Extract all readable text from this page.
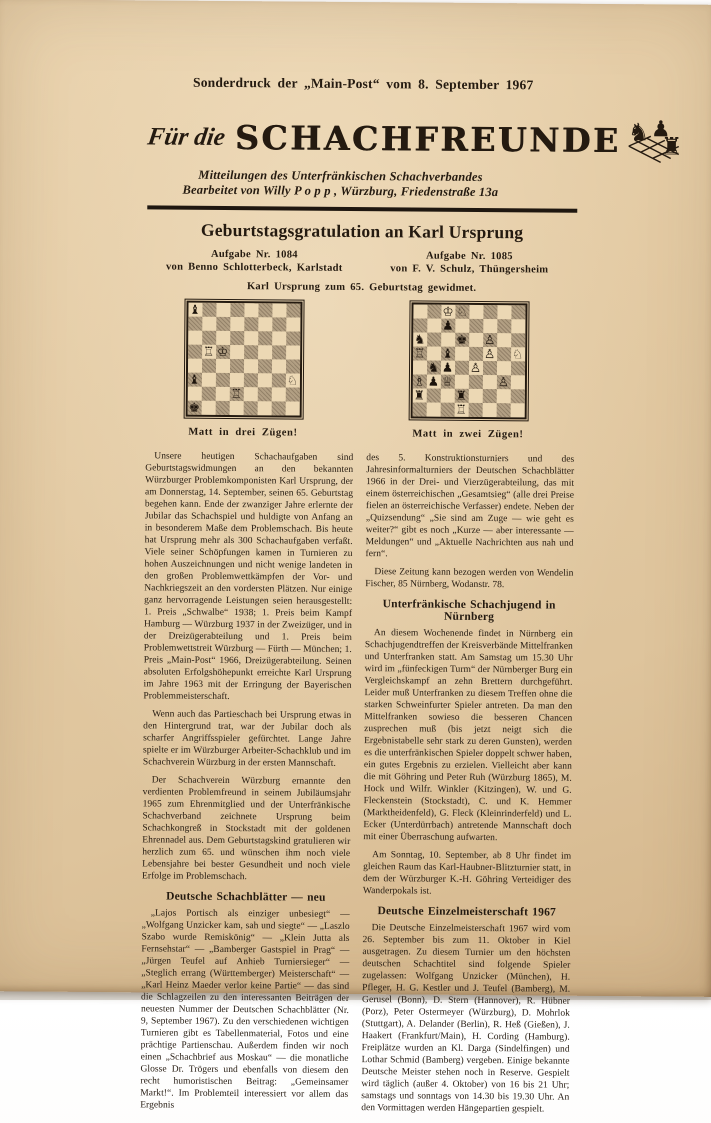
Sonderdruck der „Main-Post“ vom 8. September 1967
Für die SCHACHFREUNDE ♞ ♟
♜
Mitteilungen des Unterfränkischen Schachverbandes
Bearbeitet von Willy P o p p , Würzburg, Friedenstraße 13a
Geburtstagsgratulation an Karl Ursprung
Aufgabe Nr. 1084
von Benno Schlotterbeck, Karlstadt
Aufgabe Nr. 1085
von F. V. Schulz, Thüngersheim
Karl Ursprung zum 65. Geburtstag gewidmet.
♝
♖ ♔
♝	♘
♖
♚
Matt in drei Zügen!
♔ ♘
♟
♞ ♚ ♙
♖ ♝ ♙ ♘
♞ ♟ ♙
♗ ♟ ♕	♙
♜ ♜
♖
Matt in zwei Zügen!

Unsere heutigen Schachaufgaben sind Geburtstagswidmungen an den bekannten Würzburger Problemkomponisten Karl Ursprung, der am Donnerstag, 14. September, seinen 65. Geburtstag begehen kann. Ende der zwanziger Jahre erlernte der Jubilar das Schachspiel und huldigte von Anfang an in besonderem Maße dem Problemschach. Bis heute hat Ursprung mehr als 300 Schachaufgaben verfaßt. Viele seiner Schöpfungen kamen in Turnieren zu hohen Auszeichnungen und nicht wenige landeten in den großen Problemwettkämpfen der Vor- und Nachkriegszeit an den vordersten Plätzen. Nur einige ganz hervorragende Leistungen seien herausgestellt: 1. Preis „Schwalbe“ 1938; 1. Preis beim Kampf Hamburg — Würzburg 1937 in der Zweizüger, und in der Dreizügerabteilung und 1. Preis beim Problemwettstreit Würzburg — Fürth — München; 1. Preis „Main-Post“ 1966, Dreizügerabteilung. Seinen absoluten Erfolgshöhepunkt erreichte Karl Ursprung im Jahre 1963 mit der Erringung der Bayerischen Problemmeisterschaft.

Wenn auch das Partieschach bei Ursprung etwas in den Hintergrund trat, war der Jubilar doch als scharfer Angriffsspieler gefürchtet. Lange Jahre spielte er im Würzburger Arbeiter-Schachklub und im Schachverein Würzburg in der ersten Mannschaft.

Der Schachverein Würzburg ernannte den verdienten Problemfreund in seinem Jubiläumsjahr 1965 zum Ehrenmitglied und der Unterfränkische Schachverband zeichnete Ursprung beim Schachkongreß in Stockstadt mit der goldenen Ehrennadel aus. Dem Geburtstagskind gratulieren wir herzlich zum 65. und wünschen ihm noch viele Lebensjahre bei bester Gesundheit und noch viele Erfolge im Problemschach.

Deutsche Schachblätter — neu

„Lajos Portisch als einziger unbesiegt“ — „Wolfgang Unzicker kam, sah und siegte“ — „Laszlo Szabo wurde Remiskönig“ — „Klein Jutta als Fernsehstar“ — „Bamberger Gastspiel in Prag“ — „Jürgen Teufel auf Anhieb Turniersieger“ — „Steglich errang (Württemberger) Meisterschaft“ — „Karl Heinz Maeder verlor keine Partie“ — das sind die Schlagzeilen zu den interessanten Beiträgen der neuesten Nummer der Deutschen Schachblätter (Nr. 9, September 1967). Zu den verschiedenen wichtigen Turnieren gibt es Tabellenmaterial, Fotos und eine prächtige Partienschau. Außerdem finden wir noch einen „Schachbrief aus Moskau“ — die monatliche Glosse Dr. Trögers und ebenfalls von diesem den recht humoristischen Beitrag: „Gemeinsamer Markt!“. Im Problemteil interessiert vor allem das Ergebnis

des 5. Konstruktionsturniers und des Jahresinformalturniers der Deutschen Schachblätter 1966 in der Drei- und Vierzügerabteilung, das mit einem österreichischen „Gesamtsieg“ (alle drei Preise fielen an österreichische Verfasser) endete. Neben der „Quizsendung“ „Sie sind am Zuge — wie geht es weiter?“ gibt es noch „Kurze — aber interessante — Meldungen“ und „Aktuelle Nachrichten aus nah und fern“.

Diese Zeitung kann bezogen werden von Wendelin Fischer, 85 Nürnberg, Wodanstr. 78.

Unterfränkische Schachjugend in Nürnberg

An diesem Wochenende findet in Nürnberg ein Schachjugendtreffen der Kreisverbände Mittelfranken und Unterfranken statt. Am Samstag um 15.30 Uhr wird im „fünfeckigen Turm“ der Nürnberger Burg ein Vergleichskampf an zehn Brettern durchgeführt. Leider muß Unterfranken zu diesem Treffen ohne die starken Schweinfurter Spieler antreten. Da man den Mittelfranken sowieso die besseren Chancen zusprechen muß (bis jetzt neigt sich die Ergebnistabelle sehr stark zu deren Gunsten), werden es die unterfränkischen Spieler doppelt schwer haben, ein gutes Ergebnis zu erzielen. Vielleicht aber kann die mit Göhring und Peter Ruh (Würzburg 1865), M. Hock und Wilfr. Winkler (Kitzingen), W. und G. Fleckenstein (Stockstadt), C. und K. Hemmer (Marktheidenfeld), G. Fleck (Kleinrinderfeld) und L. Ecker (Unterdürrbach) antretende Mannschaft doch mit einer Überraschung aufwarten.

Am Sonntag, 10. September, ab 8 Uhr findet im gleichen Raum das Karl-Haubner-Blitzturnier statt, in dem der Würzburger K.-H. Göhring Verteidiger des Wanderpokals ist.

Deutsche Einzelmeisterschaft 1967

Die Deutsche Einzelmeisterschaft 1967 wird vom 26. September bis zum 11. Oktober in Kiel ausgetragen. Zu diesem Turnier um den höchsten deutschen Schachtitel sind folgende Spieler zugelassen: Wolfgang Unzicker (München), H. Pfleger, H. G. Kestler und J. Teufel (Bamberg), M. Gerusel (Bonn), D. Stern (Hannover), R. Hübner (Porz), Peter Ostermeyer (Würzburg), D. Mohrlok (Stuttgart), A. Delander (Berlin), R. Heß (Gießen), J. Haakert (Frankfurt/Main), H. Cording (Hamburg). Freiplätze wurden an Kl. Darga (Sindelfingen) und Lothar Schmid (Bamberg) vergeben. Einige bekannte Deutsche Meister stehen noch in Reserve. Gespielt wird täglich (außer 4. Oktober) von 16 bis 21 Uhr; samstags und sonntags von 14.30 bis 19.30 Uhr. An den Vormittagen werden Hängepartien gespielt.
